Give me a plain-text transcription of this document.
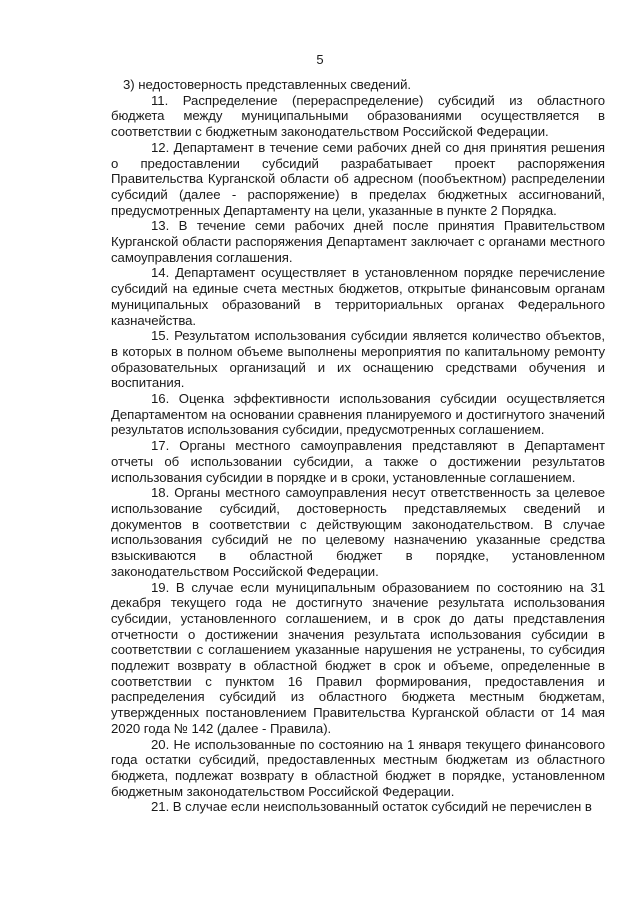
5

3) недостоверность представленных сведений.

11. Распределение (перераспределение) субсидий из областного бюджета между муниципальными образованиями осуществляется в соответствии с бюджетным законодательством Российской Федерации.

12. Департамент в течение семи рабочих дней со дня принятия решения о предоставлении субсидий разрабатывает проект распоряжения Правительства Курганской области об адресном (пообъектном) распределении субсидий (далее - распоряжение) в пределах бюджетных ассигнований, предусмотренных Департаменту на цели, указанные в пункте 2 Порядка.

13. В течение семи рабочих дней после принятия Правительством Курганской области распоряжения Департамент заключает с органами местного самоуправления соглашения.

14. Департамент осуществляет в установленном порядке перечисление субсидий на единые счета местных бюджетов, открытые финансовым органам муниципальных образований в территориальных органах Федерального казначейства.

15. Результатом использования субсидии является количество объектов, в которых в полном объеме выполнены мероприятия по капитальному ремонту образовательных организаций и их оснащению средствами обучения и воспитания.

16. Оценка эффективности использования субсидии осуществляется Департаментом на основании сравнения планируемого и достигнутого значений результатов использования субсидии, предусмотренных соглашением.

17. Органы местного самоуправления представляют в Департамент отчеты об использовании субсидии, а также о достижении результатов использования субсидии в порядке и в сроки, установленные соглашением.

18. Органы местного самоуправления несут ответственность за целевое использование субсидий, достоверность представляемых сведений и документов в соответствии с действующим законодательством. В случае использования субсидий не по целевому назначению указанные средства взыскиваются в областной бюджет в порядке, установленном законодательством Российской Федерации.

19. В случае если муниципальным образованием по состоянию на 31 декабря текущего года не достигнуто значение результата использования субсидии, установленного соглашением, и в срок до даты представления отчетности о достижении значения результата использования субсидии в соответствии с соглашением указанные нарушения не устранены, то субсидия подлежит возврату в областной бюджет в срок и объеме, определенные в соответствии с пунктом 16 Правил формирования, предоставления и распределения субсидий из областного бюджета местным бюджетам, утвержденных постановлением Правительства Курганской области от 14 мая 2020 года № 142 (далее - Правила).

20. Не использованные по состоянию на 1 января текущего финансового года остатки субсидий, предоставленных местным бюджетам из областного бюджета, подлежат возврату в областной бюджет в порядке, установленном бюджетным законодательством Российской Федерации.

21. В случае если неиспользованный остаток субсидий не перечислен в
